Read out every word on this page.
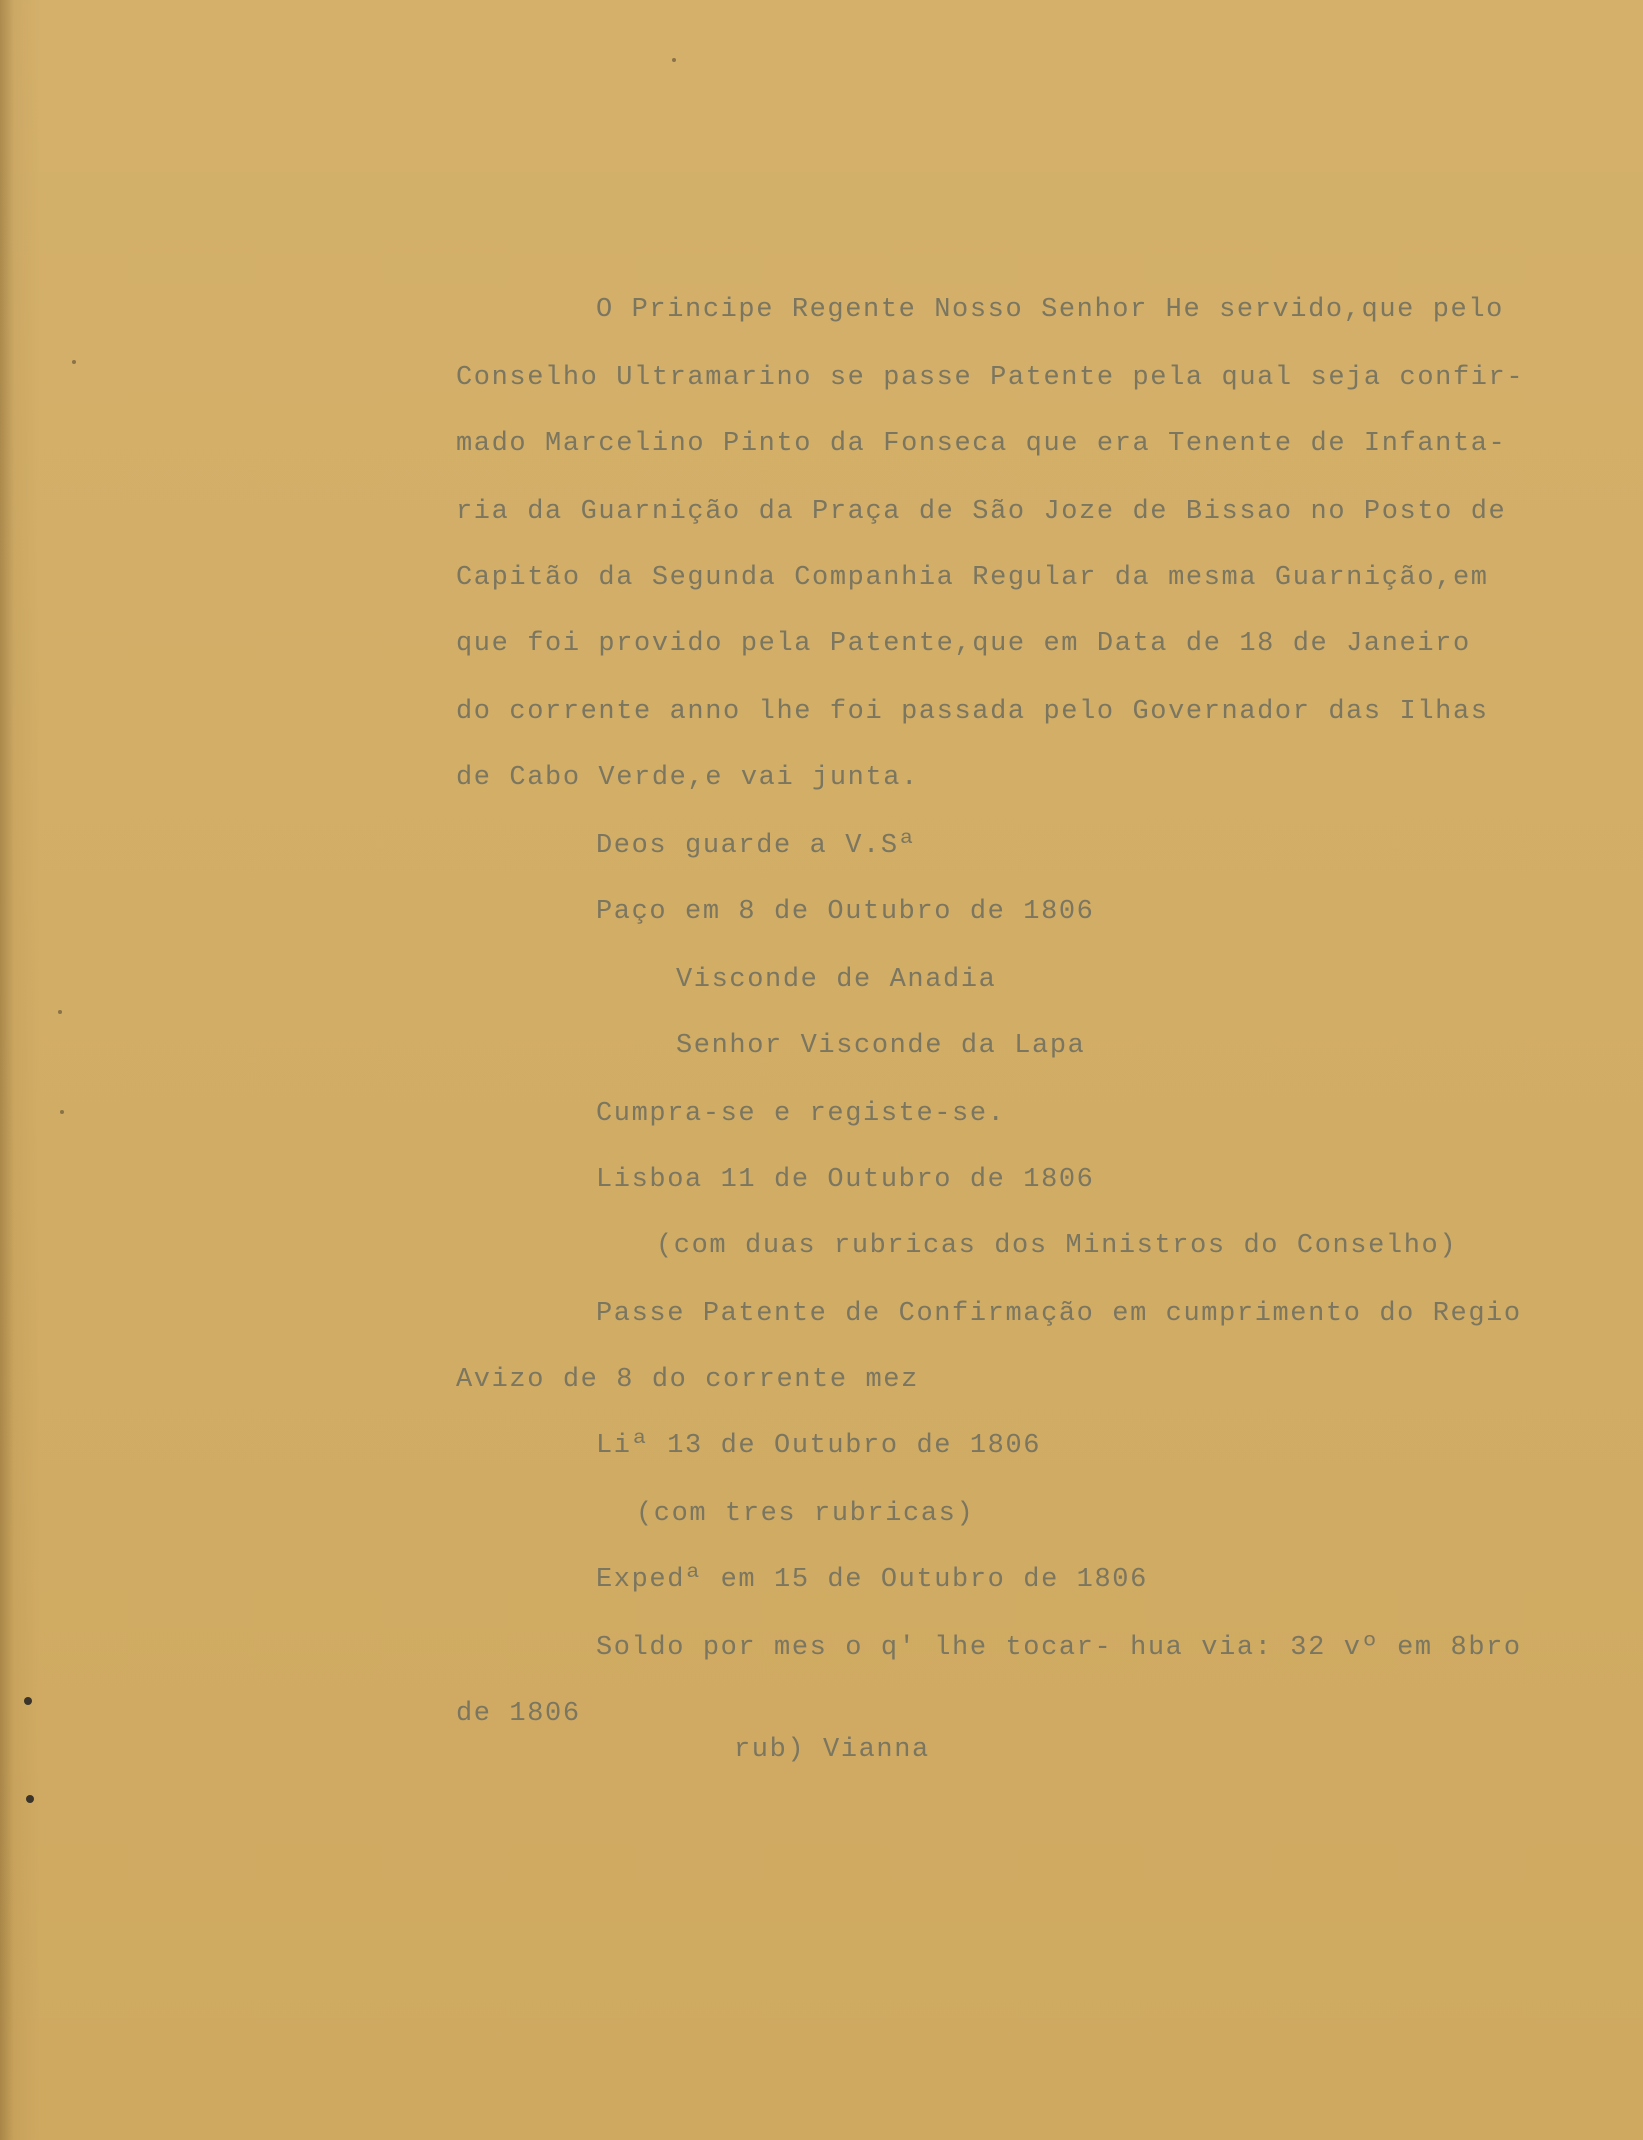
O Principe Regente Nosso Senhor He servido,que pelo
Conselho Ultramarino se passe Patente pela qual seja confir-
mado Marcelino Pinto da Fonseca que era Tenente de Infanta-
ria da Guarnição da Praça de São Joze de Bissao no Posto de
Capitão da Segunda Companhia Regular da mesma Guarnição,em
que foi provido pela Patente,que em Data de 18 de Janeiro
do corrente anno lhe foi passada pelo Governador das Ilhas
de Cabo Verde,e vai junta.
Deos guarde a V.Sª
Paço em 8 de Outubro de 1806
Visconde de Anadia
Senhor Visconde da Lapa
Cumpra-se e registe-se.
Lisboa 11 de Outubro de 1806
(com duas rubricas dos Ministros do Conselho)
Passe Patente de Confirmação em cumprimento do Regio
Avizo de 8 do corrente mez
Liª 13 de Outubro de 1806
(com tres rubricas)
Expedª em 15 de Outubro de 1806
Soldo por mes o q' lhe tocar- hua via: 32 vº em 8bro
de 1806
rub) Vianna
